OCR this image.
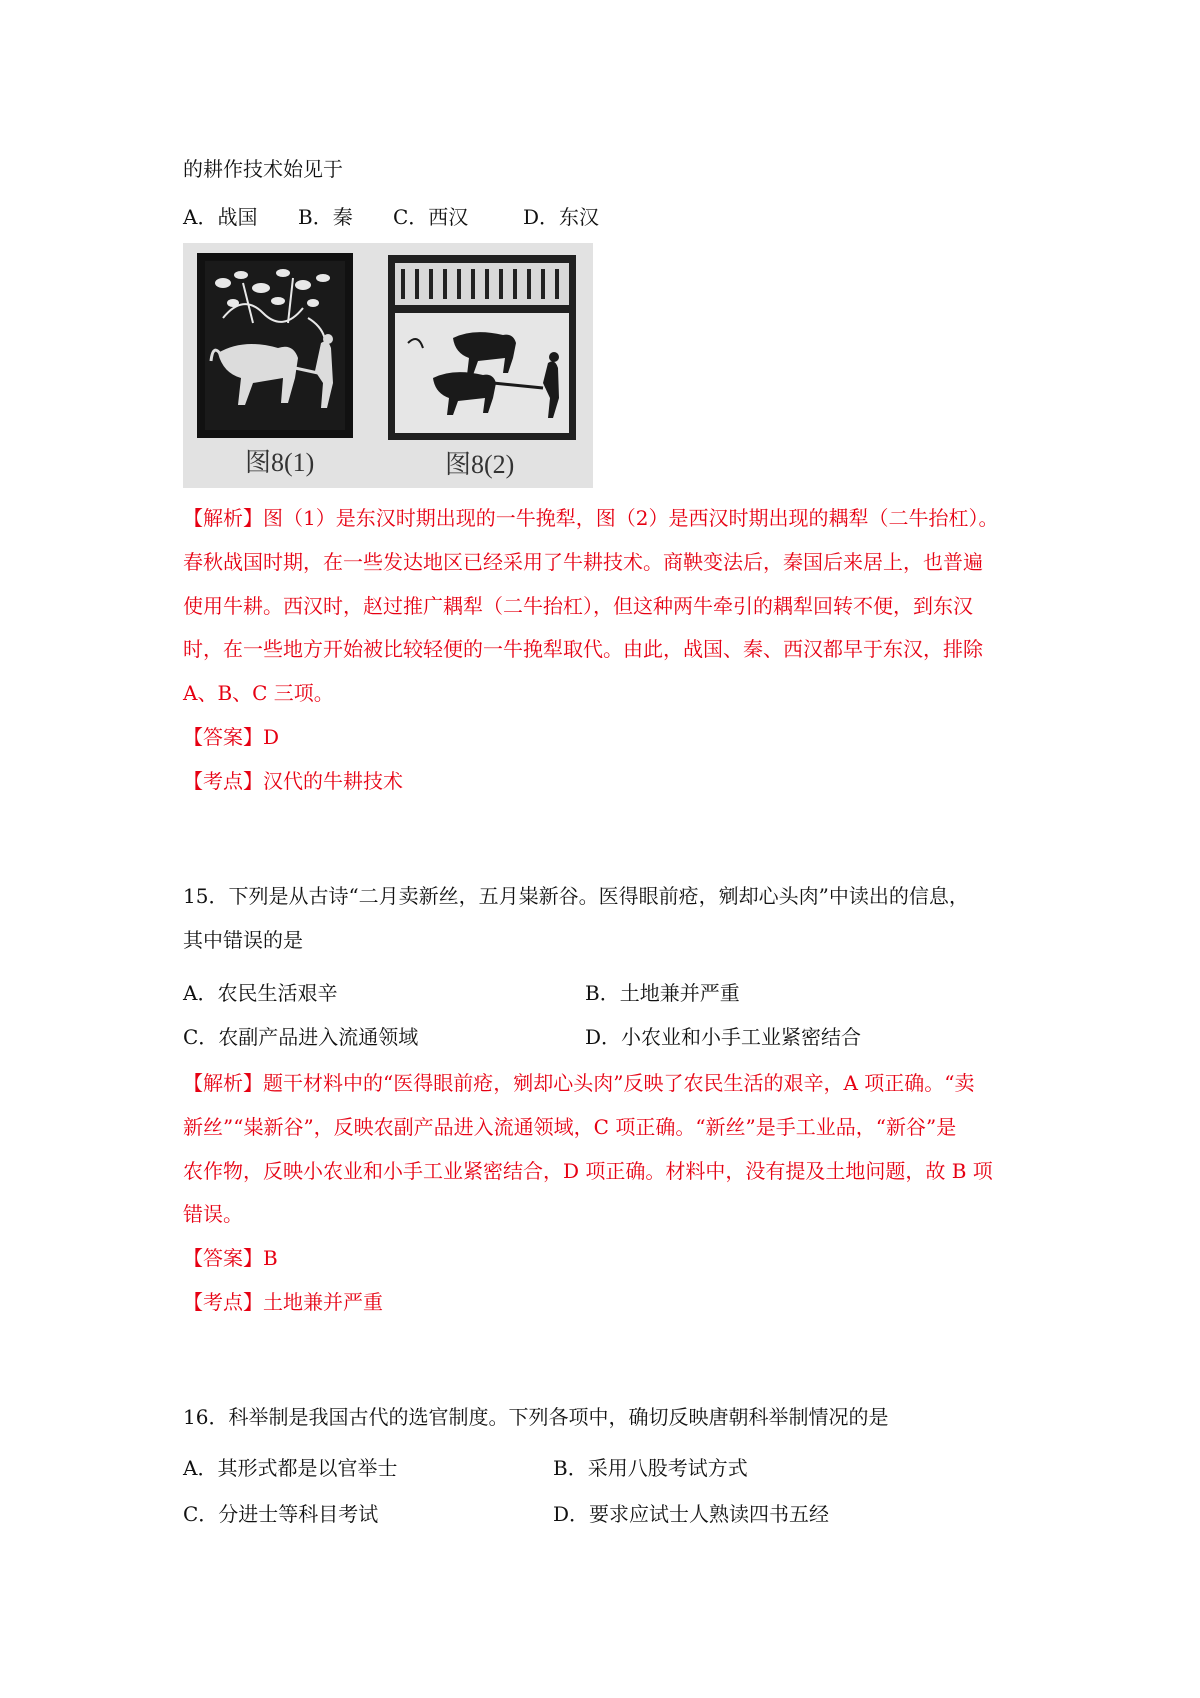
的耕作技术始见于
A．战国 B．秦 C．西汉	D．东汉
图8(1)	图8(2)
【解析】图（1）是东汉时期出现的一牛挽犁，图（2）是西汉时期出现的耦犁（二牛抬杠）。
春秋战国时期，在一些发达地区已经采用了牛耕技术。商鞅变法后，秦国后来居上，也普遍
使用牛耕。西汉时，赵过推广耦犁（二牛抬杠），但这种两牛牵引的耦犁回转不便，到东汉
时，在一些地方开始被比较轻便的一牛挽犁取代。由此，战国、秦、西汉都早于东汉，排除
A、B、C 三项。
【答案】D
【考点】汉代的牛耕技术
15．下列是从古诗“二月卖新丝，五月粜新谷。医得眼前疮，剜却心头肉”中读出的信息，
其中错误的是
A．农民生活艰辛	B．土地兼并严重
C．农副产品进入流通领域	D．小农业和小手工业紧密结合
【解析】题干材料中的“医得眼前疮，剜却心头肉”反映了农民生活的艰辛，A 项正确。“卖
新丝”“粜新谷”，反映农副产品进入流通领域，C 项正确。“新丝”是手工业品，“新谷”是
农作物，反映小农业和小手工业紧密结合，D 项正确。材料中，没有提及土地问题，故 B 项
错误。
【答案】B
【考点】土地兼并严重
16．科举制是我国古代的选官制度。下列各项中，确切反映唐朝科举制情况的是
A．其形式都是以官举士	B．采用八股考试方式
C．分进士等科目考试	D．要求应试士人熟读四书五经
